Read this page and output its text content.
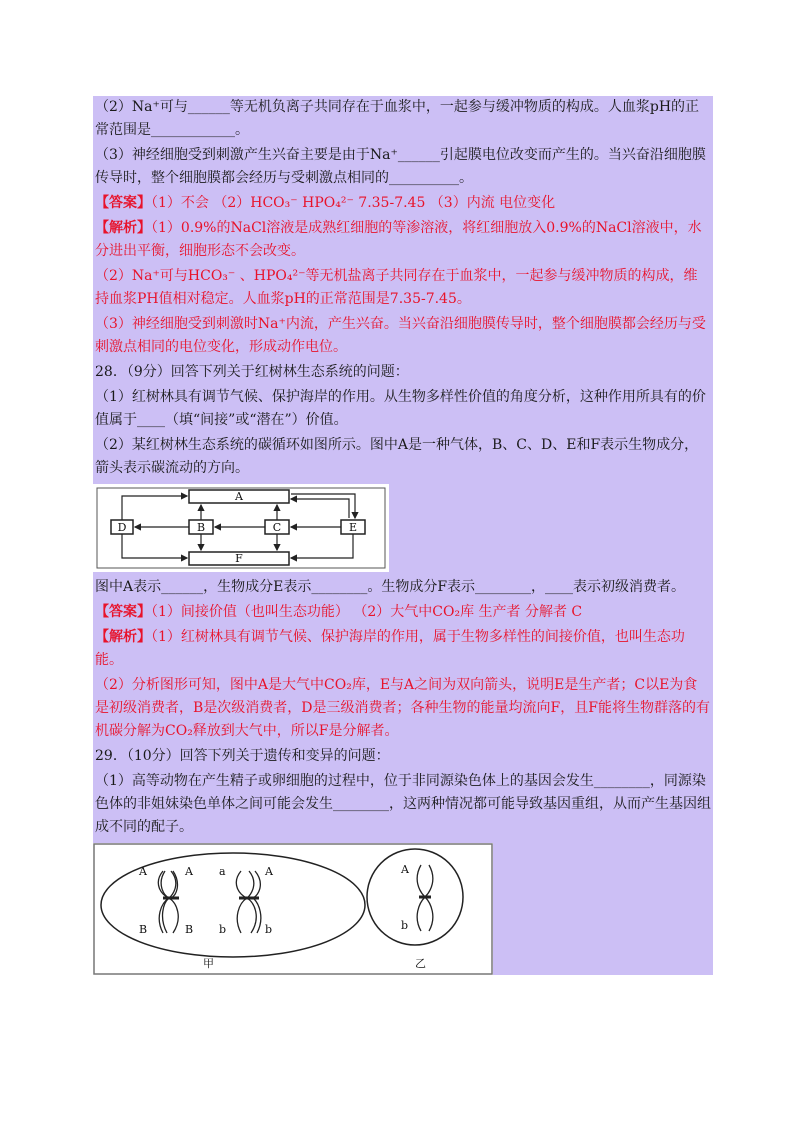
（2）Na⁺可与______等无机负离子共同存在于血浆中，一起参与缓冲物质的构成。人血浆pH的正常范围是____________。

（3）神经细胞受到刺激产生兴奋主要是由于Na⁺______引起膜电位改变而产生的。当兴奋沿细胞膜传导时，整个细胞膜都会经历与受刺激点相同的__________。

【答案】（1）不会 （2）HCO₃⁻ HPO₄²⁻ 7.35-7.45 （3）内流 电位变化

【解析】（1）0.9%的NaCl溶液是成熟红细胞的等渗溶液，将红细胞放入0.9%的NaCl溶液中，水分进出平衡，细胞形态不会改变。

（2）Na⁺可与HCO₃⁻ 、HPO₄²⁻等无机盐离子共同存在于血浆中，一起参与缓冲物质的构成，维持血浆PH值相对稳定。人血浆pH的正常范围是7.35-7.45。

（3）神经细胞受到刺激时Na⁺内流，产生兴奋。当兴奋沿细胞膜传导时，整个细胞膜都会经历与受刺激点相同的电位变化，形成动作电位。

28．（9分）回答下列关于红树林生态系统的问题：

（1）红树林具有调节气候、保护海岸的作用。从生物多样性价值的角度分析，这种作用所具有的价值属于____（填“间接”或“潜在”）价值。

（2）某红树林生态系统的碳循环如图所示。图中A是一种气体，B、C、D、E和F表示生物成分，箭头表示碳流动的方向。

A
D	B	C	E
F

图中A表示______，生物成分E表示________。生物成分F表示________，____表示初级消费者。

【答案】（1）间接价值（也叫生态功能） （2）大气中CO₂库 生产者 分解者 C

【解析】（1）红树林具有调节气候、保护海岸的作用，属于生物多样性的间接价值，也叫生态功能。

（2）分析图形可知，图中A是大气中CO₂库，E与A之间为双向箭头，说明E是生产者；C以E为食是初级消费者，B是次级消费者，D是三级消费者；各种生物的能量均流向F，且F能将生物群落的有机碳分解为CO₂释放到大气中，所以F是分解者。

29．（10分）回答下列关于遗传和变异的问题：

（1）高等动物在产生精子或卵细胞的过程中，位于非同源染色体上的基因会发生________，同源染色体的非姐妹染色单体之间可能会发生________，这两种情况都可能导致基因重组，从而产生基因组成不同的配子。

A	A a	A
B	B b	b
甲
A
b
乙
